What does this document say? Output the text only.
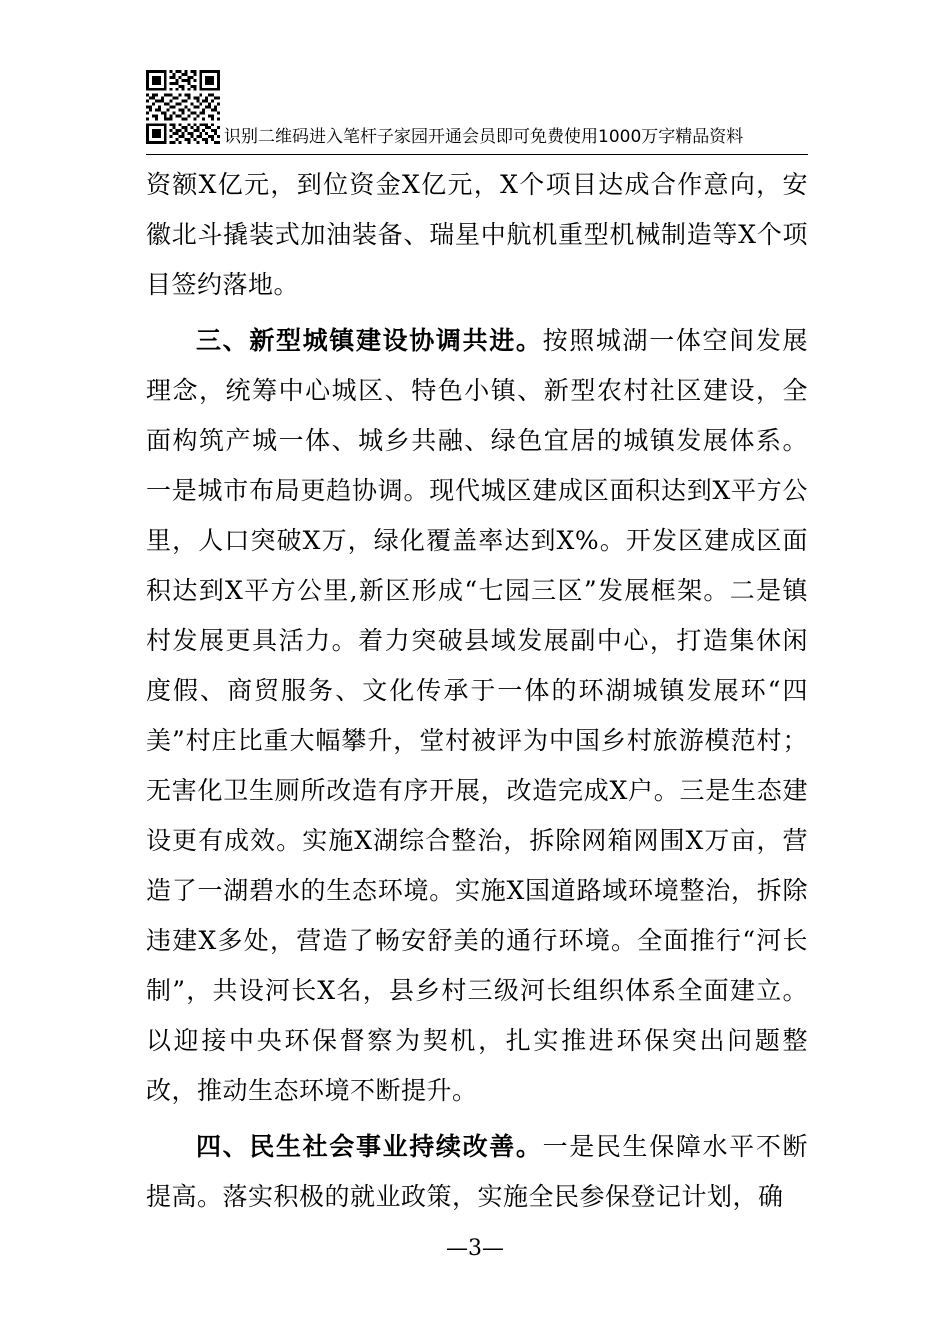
识别二维码进入笔杆子家园开通会员即可免费使用1000万字精品资料

资额X亿元，到位资金X亿元，X个项目达成合作意向，安徽北斗撬装式加油装备、瑞星中航机重型机械制造等X个项目签约落地。

三、新型城镇建设协调共进。按照城湖一体空间发展理念，统筹中心城区、特色小镇、新型农村社区建设，全面构筑产城一体、城乡共融、绿色宜居的城镇发展体系。一是城市布局更趋协调。现代城区建成区面积达到X平方公里，人口突破X万，绿化覆盖率达到X%。开发区建成区面积达到X平方公里,新区形成“七园三区”发展框架。二是镇村发展更具活力。着力突破县域发展副中心，打造集休闲度假、商贸服务、文化传承于一体的环湖城镇发展环“四美”村庄比重大幅攀升，堂村被评为中国乡村旅游模范村；无害化卫生厕所改造有序开展，改造完成X户。三是生态建设更有成效。实施X湖综合整治，拆除网箱网围X万亩，营造了一湖碧水的生态环境。实施X国道路域环境整治，拆除违建X多处，营造了畅安舒美的通行环境。全面推行“河长制”，共设河长X名，县乡村三级河长组织体系全面建立。以迎接中央环保督察为契机，扎实推进环保突出问题整改，推动生态环境不断提升。

四、民生社会事业持续改善。一是民生保障水平不断提高。落实积极的就业政策，实施全民参保登记计划，确

—3—
